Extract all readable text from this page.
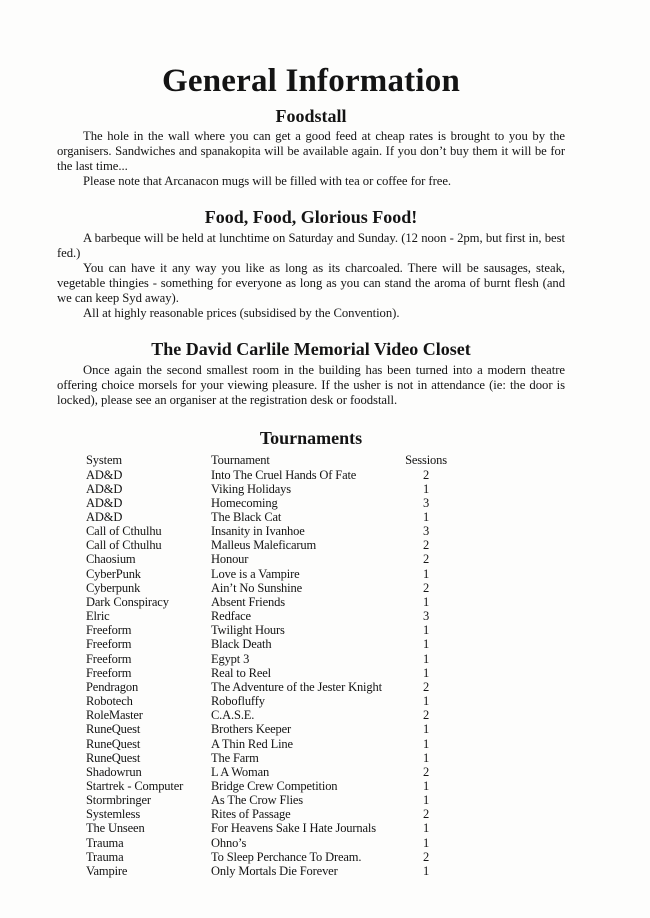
General Information
Foodstall

The hole in the wall where you can get a good feed at cheap rates is brought to you by the organisers. Sandwiches and spanakopita will be available again. If you don’t buy them it will be for the last time...

Please note that Arcanacon mugs will be filled with tea or coffee for free.

Food, Food, Glorious Food!

A barbeque will be held at lunchtime on Saturday and Sunday. (12 noon - 2pm, but first in, best fed.)

You can have it any way you like as long as its charcoaled. There will be sausages, steak, vegetable thingies - something for everyone as long as you can stand the aroma of burnt flesh (and we can keep Syd away).

All at highly reasonable prices (subsidised by the Convention).

The David Carlile Memorial Video Closet

Once again the second smallest room in the building has been turned into a modern theatre offering choice morsels for your viewing pleasure. If the usher is not in attendance (ie: the door is locked), please see an organiser at the registration desk or foodstall.

Tournaments
System	Tournament	Sessions
AD&D	Into The Cruel Hands Of Fate	2
AD&D	Viking Holidays	1
AD&D	Homecoming	3
AD&D	The Black Cat	1
Call of Cthulhu	Insanity in Ivanhoe	3
Call of Cthulhu	Malleus Maleficarum	2
Chaosium	Honour	2
CyberPunk	Love is a Vampire	1
Cyberpunk	Ain’t No Sunshine	2
Dark Conspiracy	Absent Friends	1
Elric	Redface	3
Freeform	Twilight Hours	1
Freeform	Black Death	1
Freeform	Egypt 3	1
Freeform	Real to Reel	1
Pendragon	The Adventure of the Jester Knight	2
Robotech	Robofluffy	1
RoleMaster	C.A.S.E.	2
RuneQuest	Brothers Keeper	1
RuneQuest	A Thin Red Line	1
RuneQuest	The Farm	1
Shadowrun	L A Woman	2
Startrek - Computer	Bridge Crew Competition	1
Stormbringer	As The Crow Flies	1
Systemless	Rites of Passage	2
The Unseen	For Heavens Sake I Hate Journals	1
Trauma	Ohno’s	1
Trauma	To Sleep Perchance To Dream.	2
Vampire	Only Mortals Die Forever	1
